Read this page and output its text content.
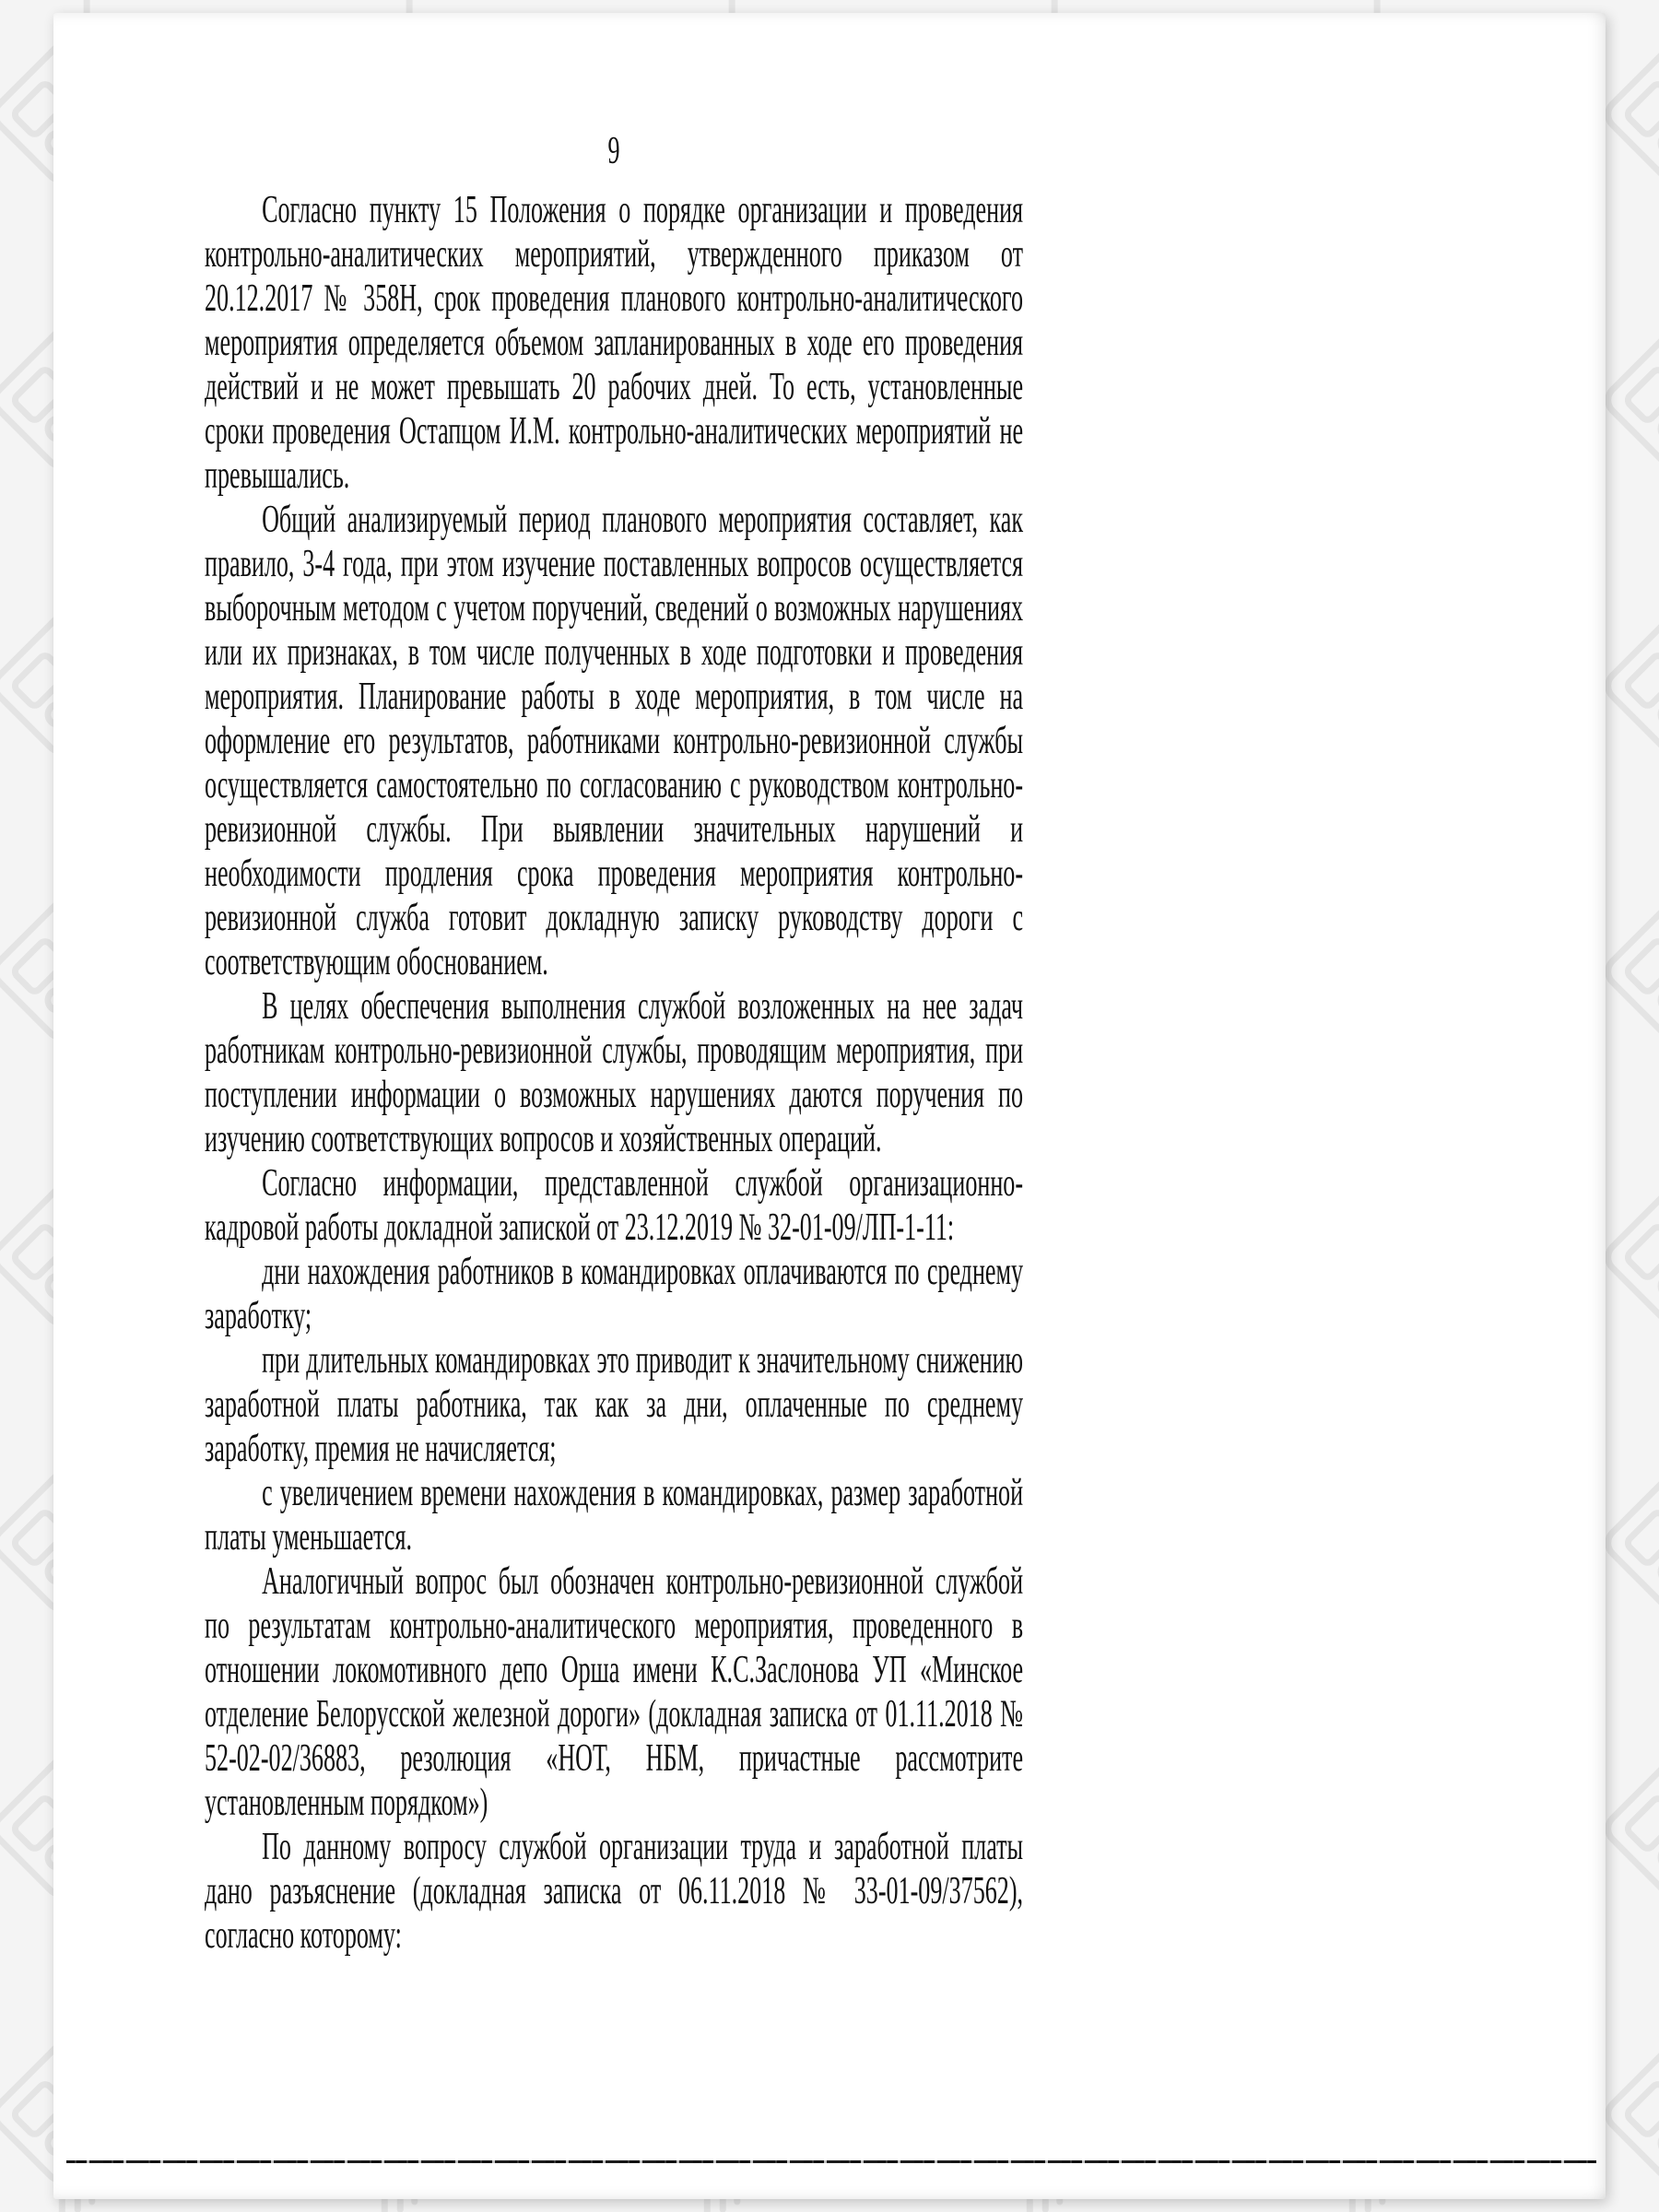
9

Согласно пункту 15 Положения о порядке организации и проведения контрольно-аналитических мероприятий, утвержденного приказом от 20.12.2017 № 358Н, срок проведения планового контрольно-аналитического мероприятия определяется объемом запланированных в ходе его проведения действий и не может превышать 20 рабочих дней. То есть, установленные сроки проведения Остапцом И.М. контрольно-аналитических мероприятий не превышались.

Общий анализируемый период планового мероприятия составляет, как правило, 3-4 года, при этом изучение поставленных вопросов осуществляется выборочным методом с учетом поручений, сведений о возможных нарушениях или их признаках, в том числе полученных в ходе подготовки и проведения мероприятия. Планирование работы в ходе мероприятия, в том числе на оформление его результатов, работниками контрольно-ревизионной службы осуществляется самостоятельно по согласованию с руководством контрольно-ревизионной службы. При выявлении значительных нарушений и необходимости продления срока проведения мероприятия контрольно-ревизионной служба готовит докладную записку руководству дороги с соответствующим обоснованием.

В целях обеспечения выполнения службой возложенных на нее задач работникам контрольно-ревизионной службы, проводящим мероприятия, при поступлении информации о возможных нарушениях даются поручения по изучению соответствующих вопросов и хозяйственных операций.

Согласно информации, представленной службой организационно-кадровой работы докладной запиской от 23.12.2019 № 32-01-09/ЛП-1-11:

дни нахождения работников в командировках оплачиваются по среднему заработку;

при длительных командировках это приводит к значительному снижению заработной платы работника, так как за дни, оплаченные по среднему заработку, премия не начисляется;

с увеличением времени нахождения в командировках, размер заработной платы уменьшается.

Аналогичный вопрос был обозначен контрольно-ревизионной службой по результатам контрольно-аналитического мероприятия, проведенного в отношении локомотивного депо Орша имени К.С.Заслонова УП «Минское отделение Белорусской железной дороги» (докладная записка от 01.11.2018 № 52-02-02/36883, резолюция «НОТ, НБМ, причастные рассмотрите установленным порядком»)

По данному вопросу службой организации труда и заработной платы дано разъяснение (докладная записка от 06.11.2018 № 33-01-09/37562), согласно которому:
